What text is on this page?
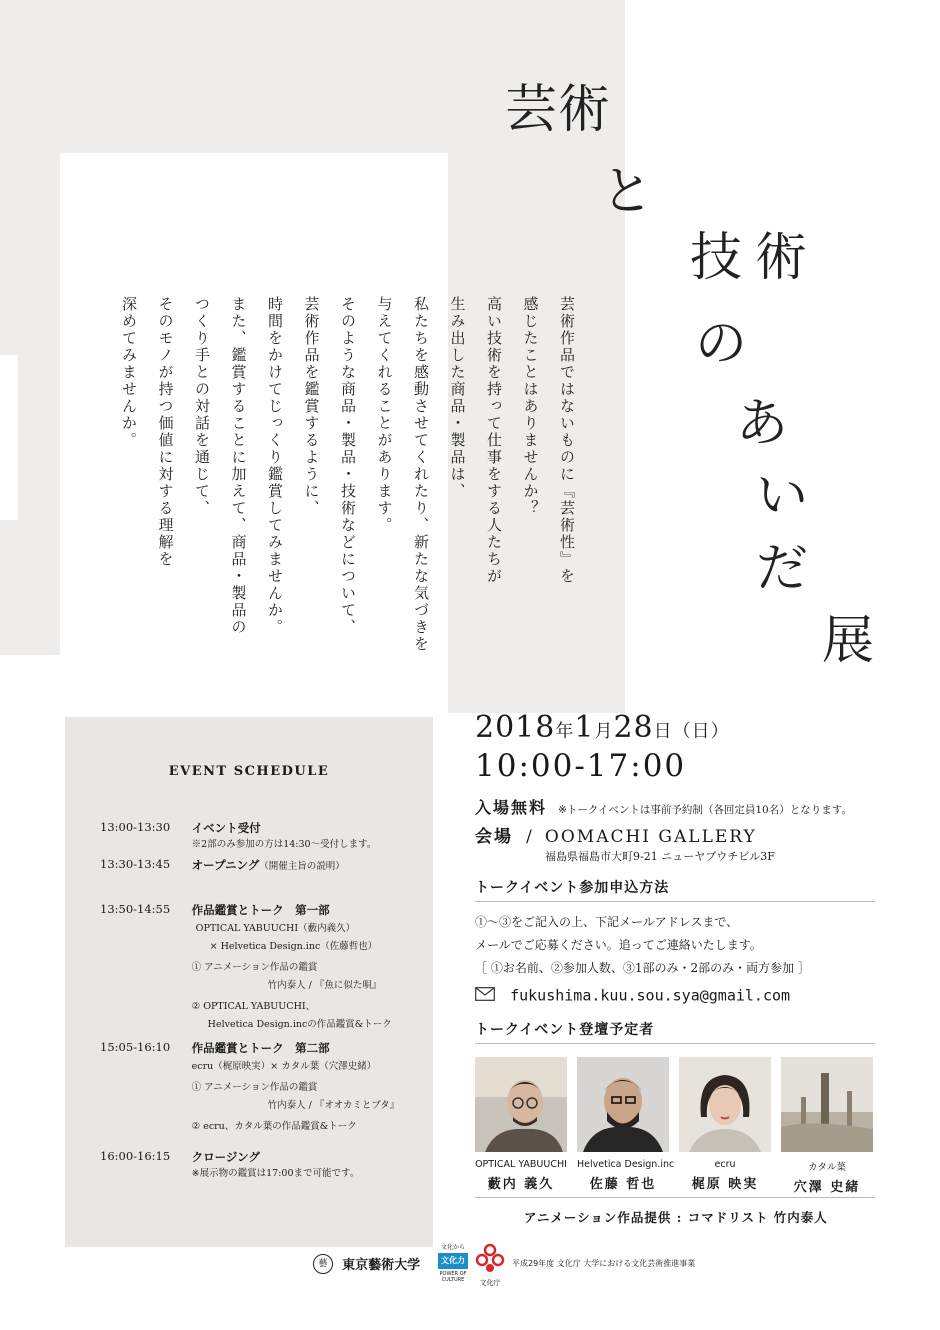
芸 術
と
技 術
の
あ
い
だ
展

芸術作品ではないものに『芸術性』を

感じたことはありませんか？

高い技術を持って仕事をする人たちが

生み出した商品・製品は、

私たちを感動させてくれたり、新たな気づきを

与えてくれることがあります。

そのような商品・製品・技術などについて、

芸術作品を鑑賞するように、

時間をかけてじっくり鑑賞してみませんか。

また、鑑賞することに加えて、商品・製品の

つくり手との対話を通じて、

そのモノが持つ価値に対する理解を

深めてみませんか。

EVENT SCHEDULE
13:00-13:30 イベント受付
※2部のみ参加の方は14:30～受付します。
13:30-13:45 オープニング（開催主旨の説明）
13:50-14:55 作品鑑賞とトーク　第一部
OPTICAL YABUUCHI（藪内義久）
× Helvetica Design.inc（佐藤哲也）
① アニメーション作品の鑑賞
竹内泰人 / 『魚に似た唄』
② OPTICAL YABUUCHI、
Helvetica Design.incの作品鑑賞&トーク
15:05-16:10 作品鑑賞とトーク　第二部
ecru（梶原映実）× カタル葉（穴澤史緒）
① アニメーション作品の鑑賞
竹内泰人 / 『オオカミとブタ』
② ecru、カタル葉の作品鑑賞&トーク
16:00-16:15 クロージング
※展示物の鑑賞は17:00まで可能です。
2018年1月28日（日）
10:00-17:00
入場無料 ※トークイベントは事前予約制（各回定員10名）となります。
会場 / OOMACHI GALLERY
福島県福島市大町9-21 ニューヤブウチビル3F
トークイベント参加申込方法
①～③をご記入の上、下記メールアドレスまで、
メールでご応募ください。追ってご連絡いたします。
［ ①お名前、②参加人数、③1部のみ・2部のみ・両方参加 ］
fukushima.kuu.sou.sya@gmail.com
トークイベント登壇予定者
OPTICAL YABUUCHI
藪内 義久
Helvetica Design.inc
佐藤 哲也
ecru
梶原 映実
カタル葉
穴澤 史緒
アニメーション作品提供 : コマドリスト 竹内泰人
藝 東京藝術大学
文化から
文化力
POWER OF CULTURE	文化庁
平成29年度 文化庁 大学における文化芸術推進事業
